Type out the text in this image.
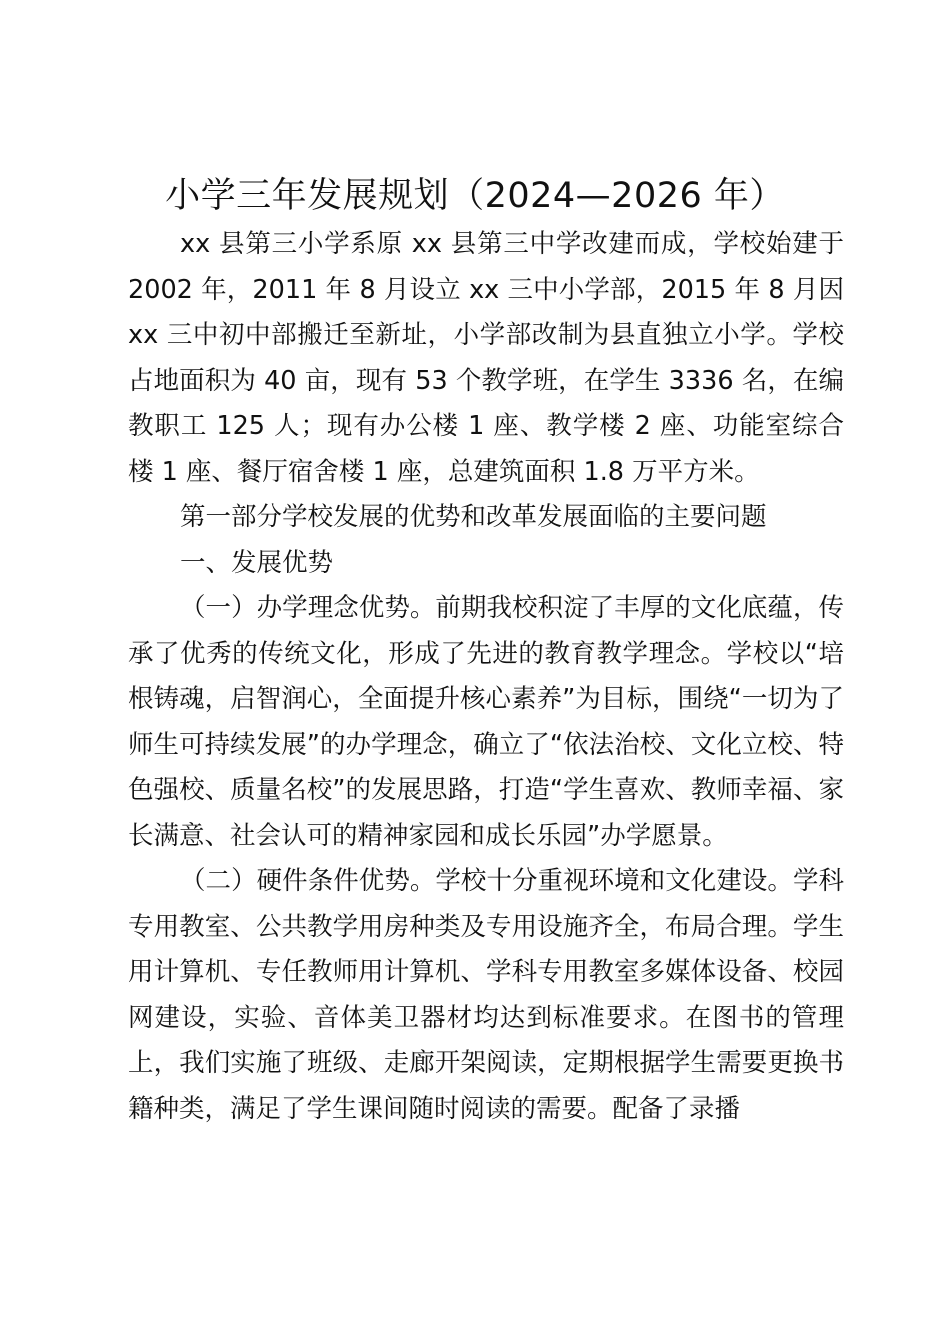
小学三年发展规划（2024—2026 年）

xx 县第三小学系原 xx 县第三中学改建而成，学校始建于 2002 年，2011 年 8 月设立 xx 三中小学部，2015 年 8 月因 xx 三中初中部搬迁至新址，小学部改制为县直独立小学。学校占地面积为 40 亩，现有 53 个教学班，在学生 3336 名，在编教职工 125 人；现有办公楼 1 座、教学楼 2 座、功能室综合楼 1 座、餐厅宿舍楼 1 座，总建筑面积 1.8 万平方米。

第一部分学校发展的优势和改革发展面临的主要问题

一、发展优势

（一）办学理念优势。前期我校积淀了丰厚的文化底蕴，传承了优秀的传统文化，形成了先进的教育教学理念。学校以“培根铸魂，启智润心，全面提升核心素养”为目标，围绕“一切为了师生可持续发展”的办学理念，确立了“依法治校、文化立校、特色强校、质量名校”的发展思路，打造“学生喜欢、教师幸福、家长满意、社会认可的精神家园和成长乐园”办学愿景。

（二）硬件条件优势。学校十分重视环境和文化建设。学科专用教室、公共教学用房种类及专用设施齐全，布局合理。学生用计算机、专任教师用计算机、学科专用教室多媒体设备、校园网建设，实验、音体美卫器材均达到标准要求。在图书的管理上，我们实施了班级、走廊开架阅读，定期根据学生需要更换书籍种类，满足了学生课间随时阅读的需要。配备了录播
